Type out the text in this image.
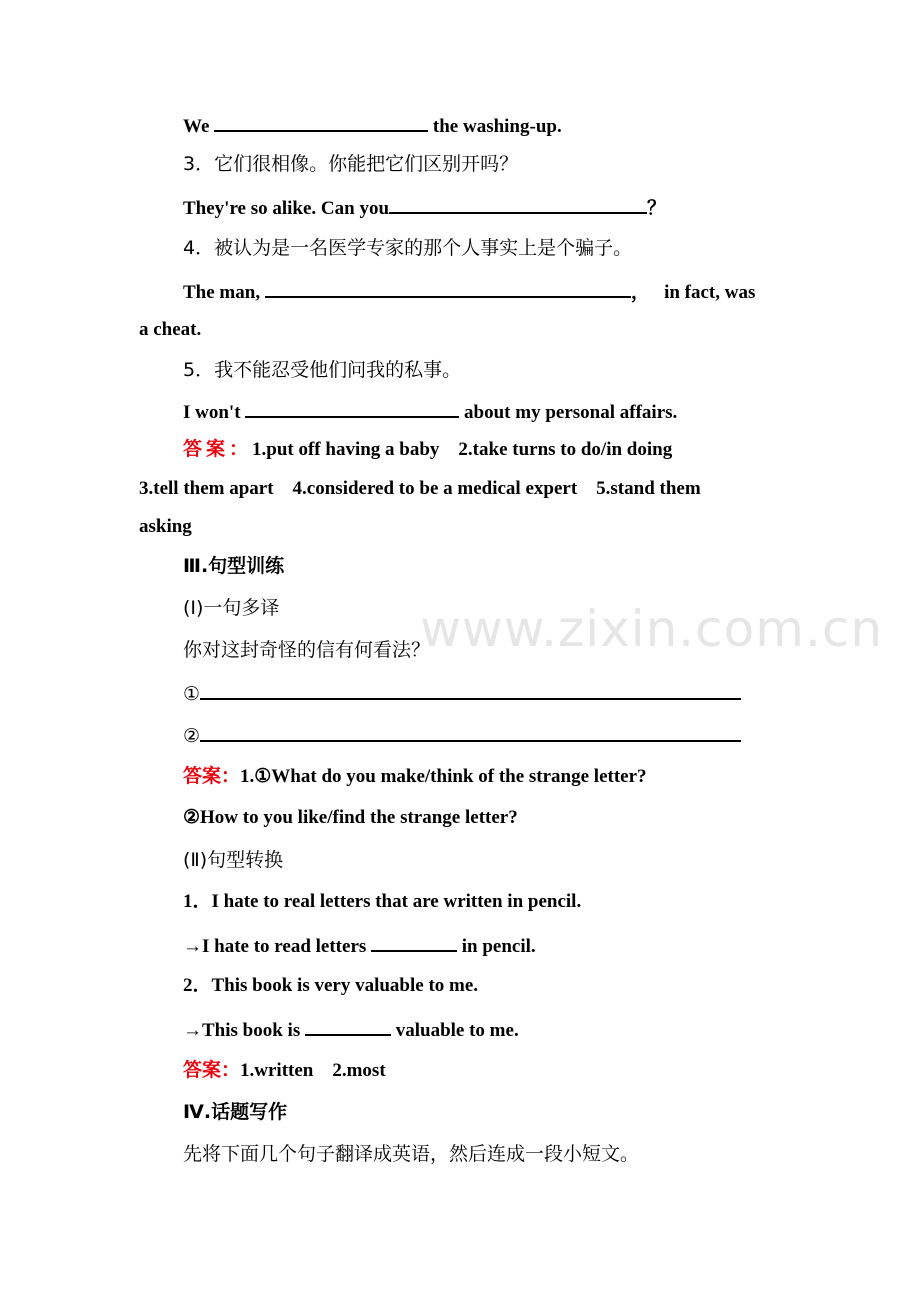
www.zixin.com.cn
We	the washing-up.
3．它们很相像。你能把它们区别开吗？
They're so alike. Can you	？
4．被认为是一名医学专家的那个人事实上是个骗子。
The man,	，   in fact, was
a cheat.
5．我不能忍受他们问我的私事。
I won't	about my personal affairs.
答案：1.put off having a baby    2.take turns to do/in doing
3.tell them apart    4.considered to be a medical expert    5.stand them
asking
Ⅲ.句型训练
(Ⅰ)一句多译
你对这封奇怪的信有何看法？
①
②
答案：1.①What do you make/think of the strange letter?
②How to you like/find the strange letter?
(Ⅱ)句型转换
1．I hate to real letters that are written in pencil.
→I hate to read letters	in pencil.
2．This book is very valuable to me.
→This book is	valuable to me.
答案：1.written    2.most
Ⅳ.话题写作
先将下面几个句子翻译成英语，然后连成一段小短文。
